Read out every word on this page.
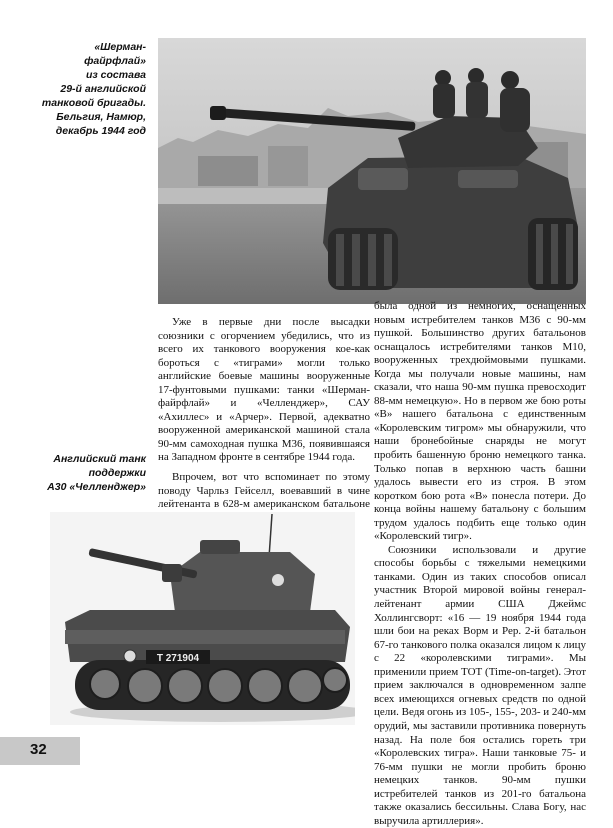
«Шерман-
файрфлай»
из состава
29-й английской
танковой бригады.
Бельгия, Намюр,
декабрь 1944 год

Уже в первые дни после высадки союзники с огорчением убедились, что из всего их танкового вооружения кое-как бороться с «тиграми» могли только английские боевые машины вооруженные 17-фунтовыми пушками: танки «Шерман-файрфлай» и «Челленджер», САУ «Ахиллес» и «Арчер». Первой, адекватно вооруженной американской машиной стала 90-мм самоходная пушка М36, появившаяся на Западном фронте в сентябре 1944 года.

Впрочем, вот что вспоминает по этому поводу Чарльз Гейселл, воевавший в чине лейтенанта в 628-м американском батальоне

была одной из немногих, оснащенных новым истребителем танков М36 с 90-мм пушкой. Большинство других батальонов оснащалось истребителями танков М10, вооруженных трехдюймовыми пушками. Когда мы получали новые машины, нам сказали, что наша 90-мм пушка превосходит 88-мм немецкую». Но в первом же бою роты «В» нашего батальона с единственным «Королевским тигром» мы обнаружили, что наши бронебойные снаряды не могут пробить башенную броню немецкого танка. Только попав в верхнюю часть башни удалось вывести его из строя. В этом коротком бою рота «В» понесла потери. До конца войны нашему батальону с большим трудом удалось подбить еще только один «Королевский тигр».

Союзники использовали и другие способы борьбы с тяжелыми немецкими танками. Один из таких способов описал участник Второй мировой войны генерал-лейтенант армии США Джеймс Холлингсворт: «16 — 19 ноября 1944 года шли бои на реках Ворм и Рер. 2-й батальон 67-го танкового полка оказался лицом к лицу с 22 «королевскими тиграми». Мы применили прием ТОТ (Time-on-target). Этот прием заключался в одновременном залпе всех имеющихся огневых средств по одной цели. Ведя огонь из 105-, 155-, 203- и 240-мм орудий, мы заставили противника повернуть назад. На поле боя остались гореть три «Королевских тигра». Наши танковые 75- и 76-мм пушки не могли пробить броню немецких танков. 90-мм пушки истребителей танков из 201-го батальона также оказались бессильны. Слава Богу, нас выручила артиллерия».

Английский танк
поддержки
А30 «Челленджер»
T 271904
32
